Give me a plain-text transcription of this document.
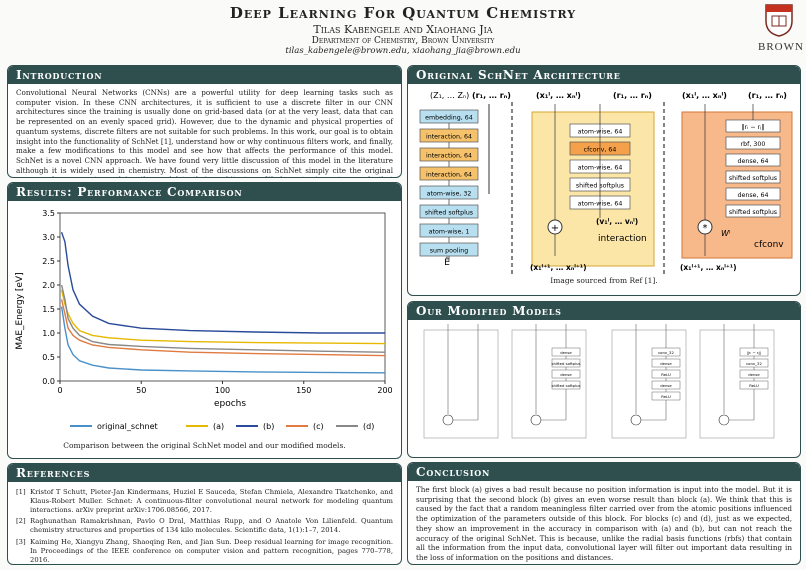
Deep Learning For Quantum Chemistry
Tilas Kabengele and Xiaohang Jia
Department of Chemistry, Brown University
tilas_kabengele@brown.edu, xiaohang_jia@brown.edu	BROWN
Introduction
Convolutional Neural Networks (CNNs) are a powerful utility for deep learning tasks such as computer vision. In these CNN architectures, it is sufficient to use a discrete filter in our CNN architectures since the training is usually done on grid-based data (or at the very least, data that can be represented on an evenly spaced grid). However, due to the dynamic and physical properties of quantum systems, discrete filters are not suitable for such problems. In this work, our goal is to obtain insight into the functionality of SchNet [1], understand how or why continuous filters work, and finally, make a few modifications to this model and see how that affects the performance of this model. SchNet is a novel CNN approach. We have found very little discussion of this model in the literature although it is widely used in chemistry. Most of the discussions on SchNet simply cite the original
Results: Performance Comparison
0.0
0.5
1.0
1.5
2.0
2.5
3.0
3.5
0	50	100	150	200
original_schnet	(a)	(b)	(c)	(d)
epochs
MAE_Energy [eV]
Comparison between the original SchNet model and our modified models.
References
[1] Kristof T Schutt, Pieter-Jan Kindermans, Huziel E Sauceda, Stefan Chmiela, Alexandre Tkatchenko, and Klaus-Robert Muller. Schnet: A continuous-filter convolutional neural network for modeling quantum interactions. arXiv preprint arXiv:1706.08566, 2017.
[2] Raghunathan Ramakrishnan, Pavlo O Dral, Matthias Rupp, and O Anatole Von Lilienfeld. Quantum chemistry structures and properties of 134 kilo molecules. Scientific data, 1(1):1–7, 2014.
[3] Kaiming He, Xiangyu Zhang, Shaoqing Ren, and Jian Sun. Deep residual learning for image recognition. In Proceedings of the IEEE conference on computer vision and pattern recognition, pages 770–778, 2016.
Original SchNet Architecture
(Z₁, … Zₙ) (r₁, … rₙ)
embedding, 64
interaction, 64
interaction, 64
interaction, 64
atom-wise, 32
shifted softplus
atom-wise, 1
sum pooling
Ê
(x₁ˡ, … xₙˡ)	(r₁, … rₙ)
atom-wise, 64
cfconv, 64
atom-wise, 64
shifted softplus
atom-wise, 64
+
(v₁ˡ, … vₙˡ)
interaction
(x₁ˡ⁺¹, … xₙˡ⁺¹)
(x₁ˡ, … xₙˡ)	(r₁, … rₙ)
‖rᵢ − rⱼ‖
rbf, 300
dense, 64
shifted softplus
dense, 64
shifted softplus
* Wˡ
cfconv
(x₁ˡ⁺¹, … xₙˡ⁺¹)
Image sourced from Ref [1].
Our Modified Models
dense
shifted softplus
dense
shifted softplus
conv_32
dense
ReLU
dense
ReLU
‖rᵢ − rⱼ‖
conv_32
dense
ReLU
Conclusion
The first block (a) gives a bad result because no position information is input into the model. But it is surprising that the second block (b) gives an even worse result than block (a). We think that this is caused by the fact that a random meaningless filter carried over from the atomic positions influenced the optimization of the parameters outside of this block. For blocks (c) and (d), just as we expected, they show an improvement in the accuracy in comparison with (a) and (b), but can not reach the accuracy of the original SchNet. This is because, unlike the radial basis functions (rbfs) that contain all the information from the input data, convolutional layer will filter out important data resulting in the loss of information on the positions and distances.
